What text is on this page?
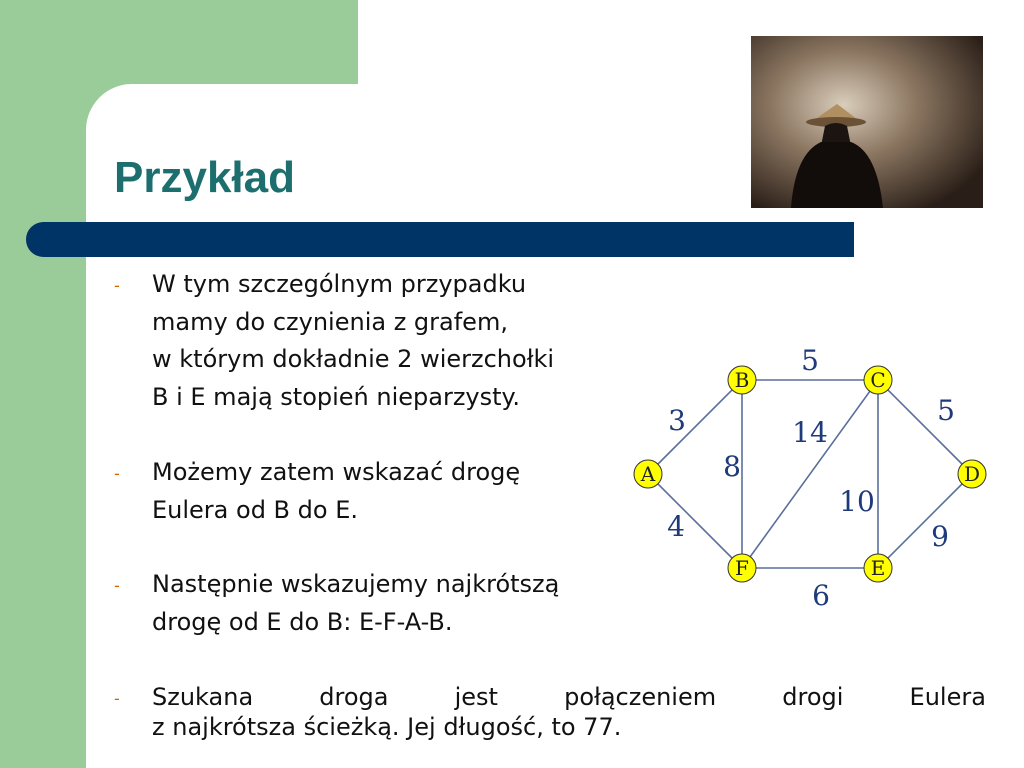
Przykład
- W tym szczególnym przypadku
mamy do czynienia z grafem,
w którym dokładnie 2 wierzchołki
B i E mają stopień nieparzysty.
- Możemy zatem wskazać drogę
Eulera od B do E.
- Następnie wskazujemy najkrótszą
drogę od E do B: E-F-A-B.
- Szukana	droga	jest	połączeniem	drogi	Eulera
z najkrótsza ścieżką. Jej długość, to 77.
5
3	5
14
8
10
4	9
6
B	C
A	D
F	E
